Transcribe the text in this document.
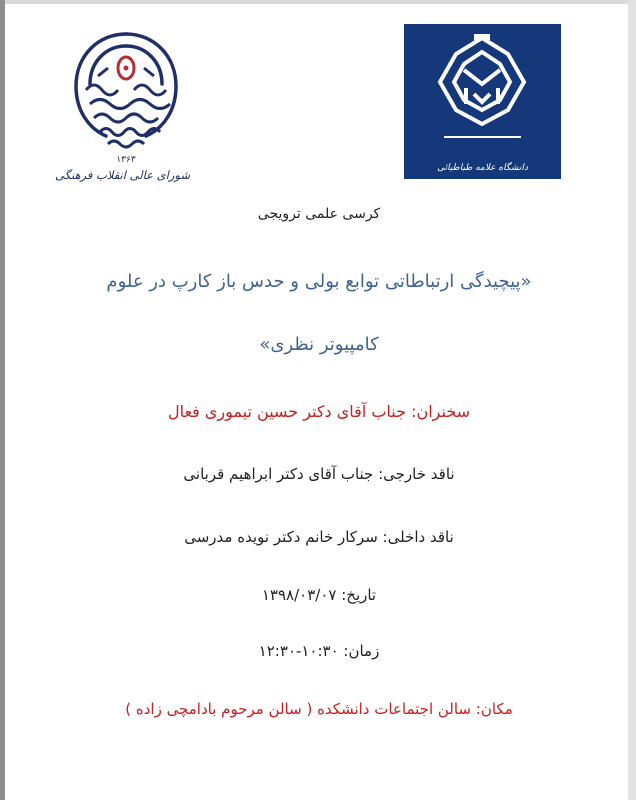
۱۳۶۳
شورای عالی انقلاب فرهنگی	دانشگاه علامه طباطبائی
کرسی علمی ترویجی
«پیچیدگی ارتباطاتی توابع بولی و حدس باز کارپ در علوم
کامپیوتر نظری»
سخنران: جناب آقای دکتر حسین تیموری فعال
ناقد خارجی: جناب آقای دکتر ابراهیم قربانی
ناقد داخلی: سرکار خانم دکتر نویده مدرسی
تاریخ: ۱۳۹۸/۰۳/۰۷
زمان: ۱۰:۳۰-۱۲:۳۰
مکان: سالن اجتماعات دانشکده ( سالن مرحوم بادامچی زاده )
